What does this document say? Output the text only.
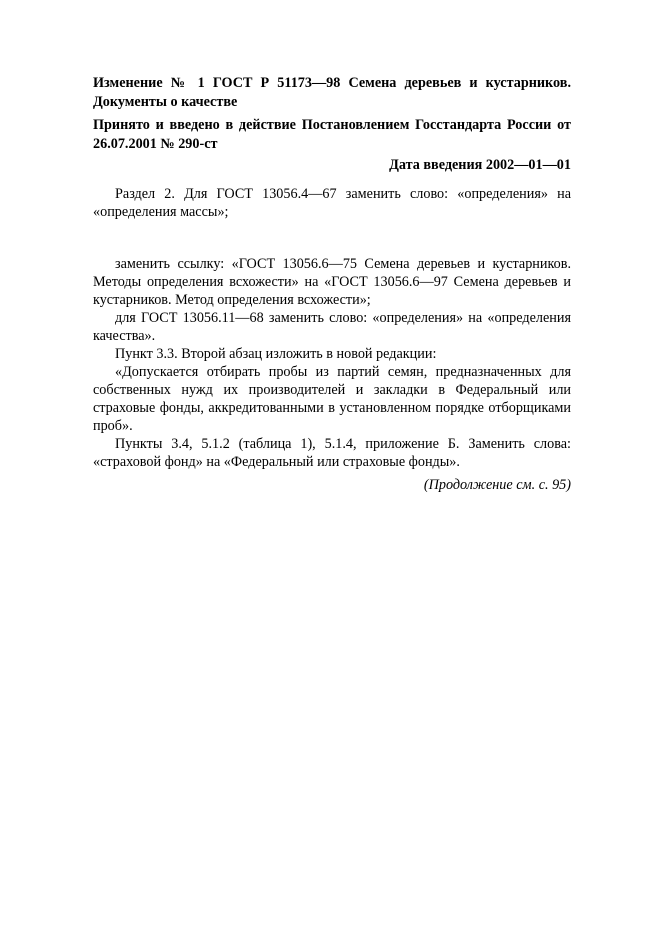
Изменение № 1 ГОСТ Р 51173—98 Семена деревьев и кустарников. Документы о качестве

Принято и введено в действие Постановлением Госстандарта России от 26.07.2001 № 290-ст

Дата введения 2002—01—01

Раздел 2. Для ГОСТ 13056.4—67 заменить слово: «определения» на «определения массы»;

заменить ссылку: «ГОСТ 13056.6—75 Семена деревьев и кустарников. Методы определения всхожести» на «ГОСТ 13056.6—97 Семена деревьев и кустарников. Метод определения всхожести»;

для ГОСТ 13056.11—68 заменить слово: «определения» на «определения качества».

Пункт 3.3. Второй абзац изложить в новой редакции:

«Допускается отбирать пробы из партий семян, предназначенных для собственных нужд их производителей и закладки в Федеральный или страховые фонды, аккредитованными в установленном порядке отборщиками проб».

Пункты 3.4, 5.1.2 (таблица 1), 5.1.4, приложение Б. Заменить слова: «страховой фонд» на «Федеральный или страховые фонды».

(Продолжение см. с. 95)
